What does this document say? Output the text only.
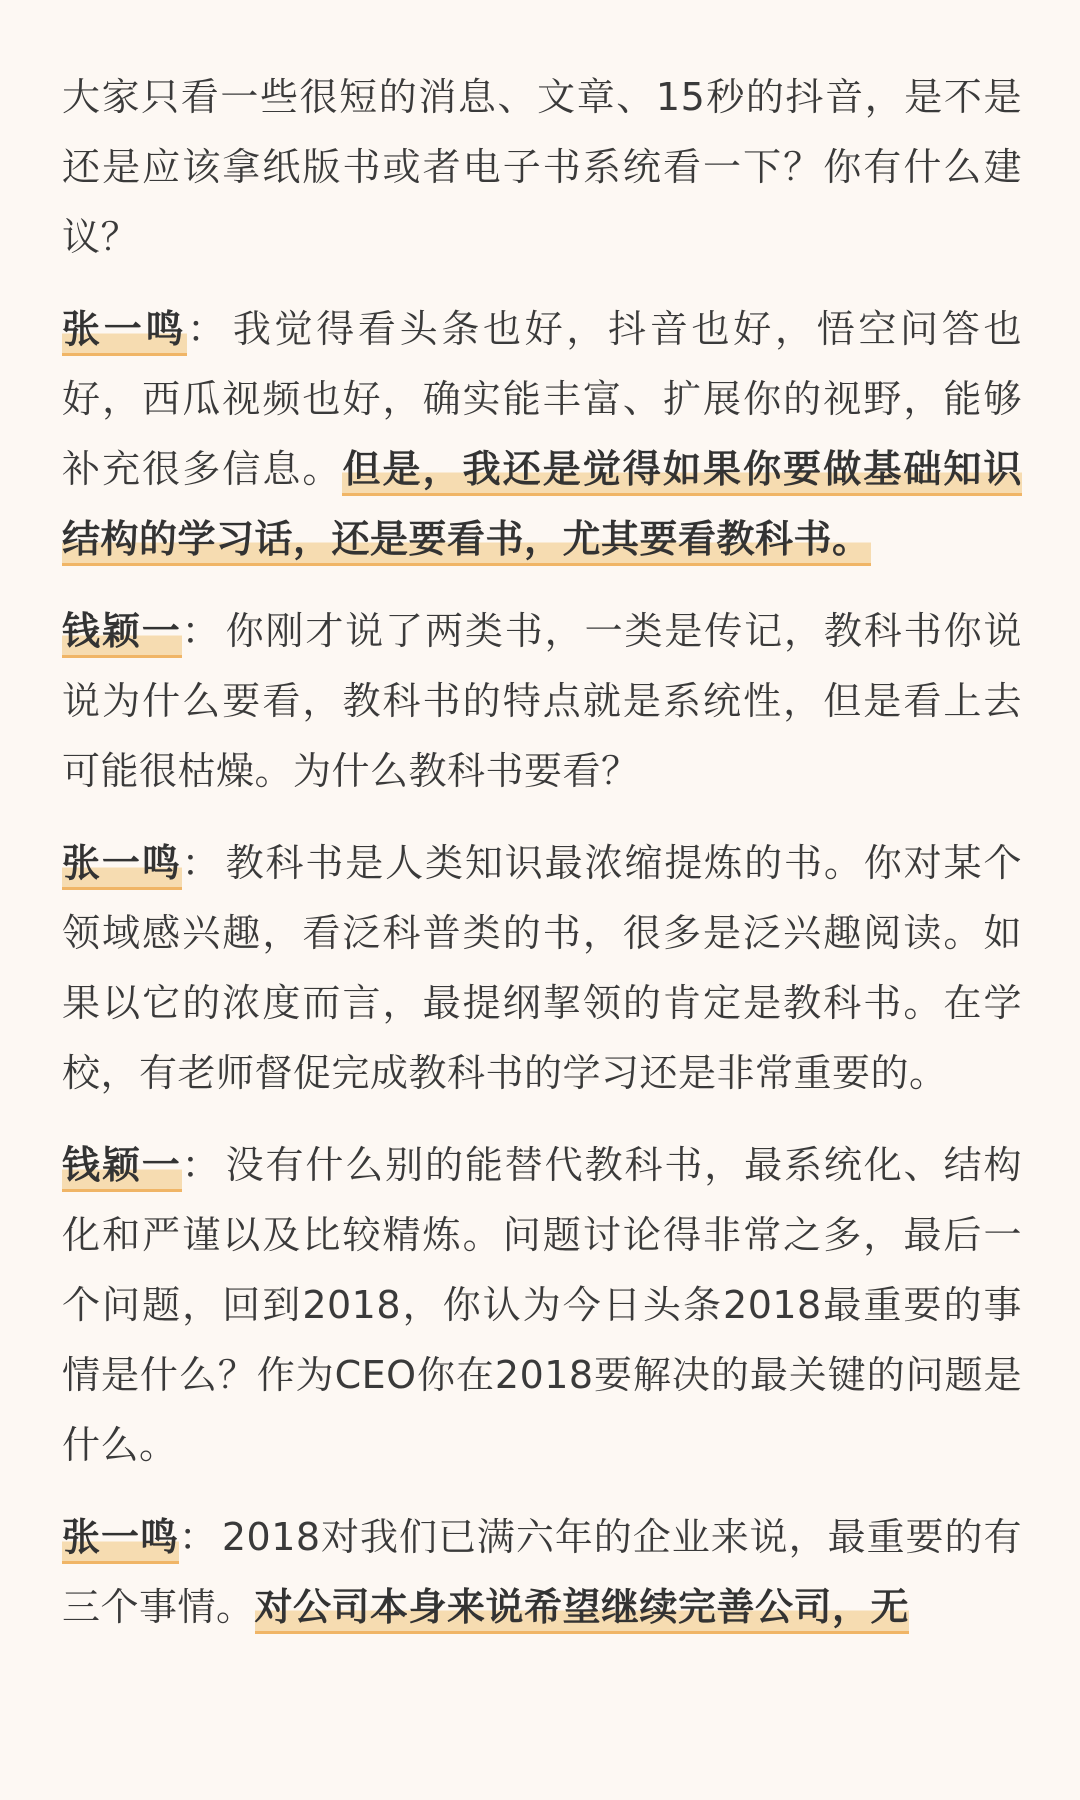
大家只看一些很短的消息、文章、15秒的抖音，是不是还是应该拿纸版书或者电子书系统看一下？你有什么建议？

张一鸣： 我觉得看头条也好，抖音也好，悟空问答也好，西瓜视频也好，确实能丰富、扩展你的视野，能够补充很多信息。但是，我还是觉得如果你要做基础知识结构的学习话，还是要看书，尤其要看教科书。

钱颖一： 你刚才说了两类书，一类是传记，教科书你说说为什么要看，教科书的特点就是系统性，但是看上去可能很枯燥。为什么教科书要看？

张一鸣： 教科书是人类知识最浓缩提炼的书。你对某个领域感兴趣，看泛科普类的书，很多是泛兴趣阅读。如果以它的浓度而言，最提纲挈领的肯定是教科书。在学校，有老师督促完成教科书的学习还是非常重要的。

钱颖一： 没有什么别的能替代教科书，最系统化、结构化和严谨以及比较精炼。问题讨论得非常之多，最后一个问题，回到2018，你认为今日头条2018最重要的事情是什么？作为CEO你在2018要解决的最关键的问题是什么。

张一鸣： 2018对我们已满六年的企业来说，最重要的有三个事情。对公司本身来说希望继续完善公司，无
